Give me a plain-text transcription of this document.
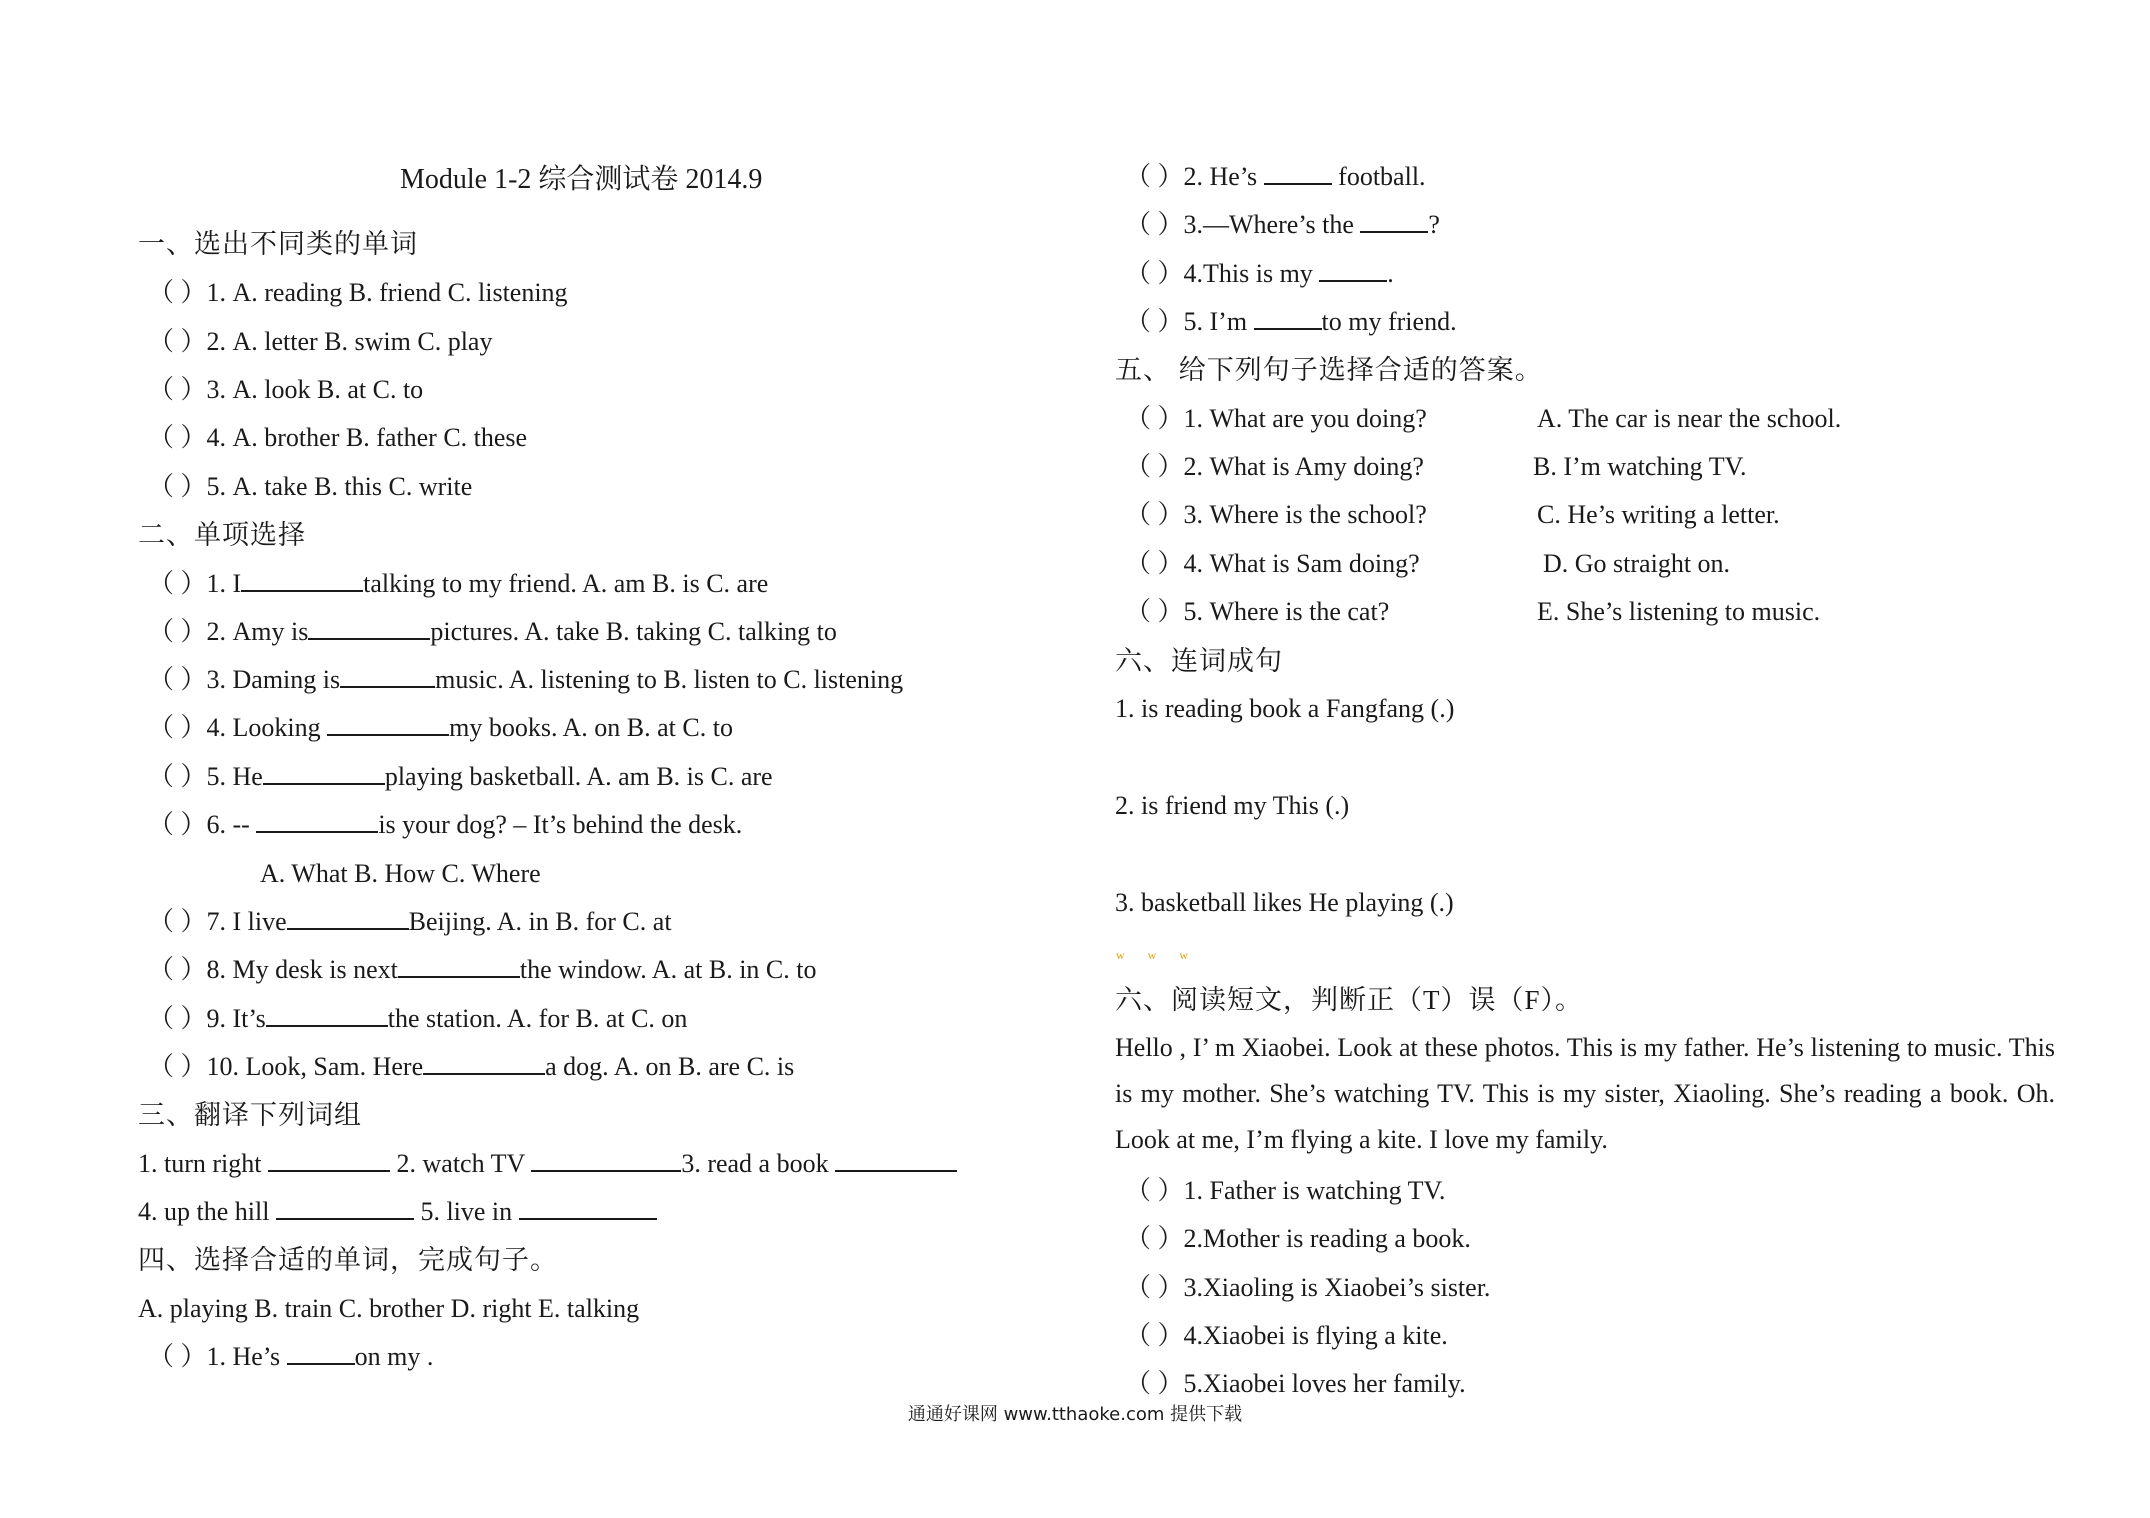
Module 1-2 综合测试卷 2014.9
一、选出不同类的单词
（ ）1. A. reading B. friend C. listening
（ ）2. A. letter B. swim C. play
（ ）3. A. look B. at C. to
（ ）4. A. brother B. father C. these
（ ）5. A. take B. this C. write
二、单项选择
（ ）1. I	talking to my friend. A. am B. is C. are
（ ）2. Amy is	pictures. A. take B. taking C. talking to
（ ）3. Daming is	music. A. listening to B. listen to C. listening
（ ）4. Looking	my books. A. on B. at C. to
（ ）5. He	playing basketball. A. am B. is C. are
（ ）6. --	is your dog? – It’s behind the desk.
A. What B. How C. Where
（ ）7. I live	Beijing. A. in B. for C. at
（ ）8. My desk is next	the window. A. at B. in C. to
（ ）9. It’s	the station. A. for B. at C. on
（ ）10. Look, Sam. Here	a dog. A. on B. are C. is
三、翻译下列词组
1. turn right	2. watch TV	3. read a book
4. up the hill	5. live in
四、选择合适的单词，完成句子。
A. playing B. train C. brother D. right E. talking
（ ）1. He’s	on my .
（ ）2. He’s	football.
（ ）3.—Where’s the	?
（ ）4.This is my	.
（ ）5. I’m	to my friend.
五、 给下列句子选择合适的答案。
（ ）1. What are you doing?	A. The car is near the school.
（ ）2. What is Amy doing?	B. I’m watching TV.
（ ）3. Where is the school?	C. He’s writing a letter.
（ ）4. What is Sam doing?	D. Go straight on.
（ ）5. Where is the cat?	E. She’s listening to music.
六、连词成句
1. is reading book a Fangfang (.)
2. is friend my This (.)
3. basketball likes He playing (.)
六、阅读短文，判断正（T）误（F）。
Hello , I’ m Xiaobei. Look at these photos. This is my father. He’s listening to music. This is my mother. She’s watching TV. This is my sister, Xiaoling. She’s reading a book. Oh. Look at me, I’m flying a kite. I love my family.
（ ）1. Father is watching TV.
（ ）2.Mother is reading a book.
（ ）3.Xiaoling is Xiaobei’s sister.
（ ）4.Xiaobei is flying a kite.
（ ）5.Xiaobei loves her family.
w w w
通通好课网 www.tthaoke.com 提供下载
